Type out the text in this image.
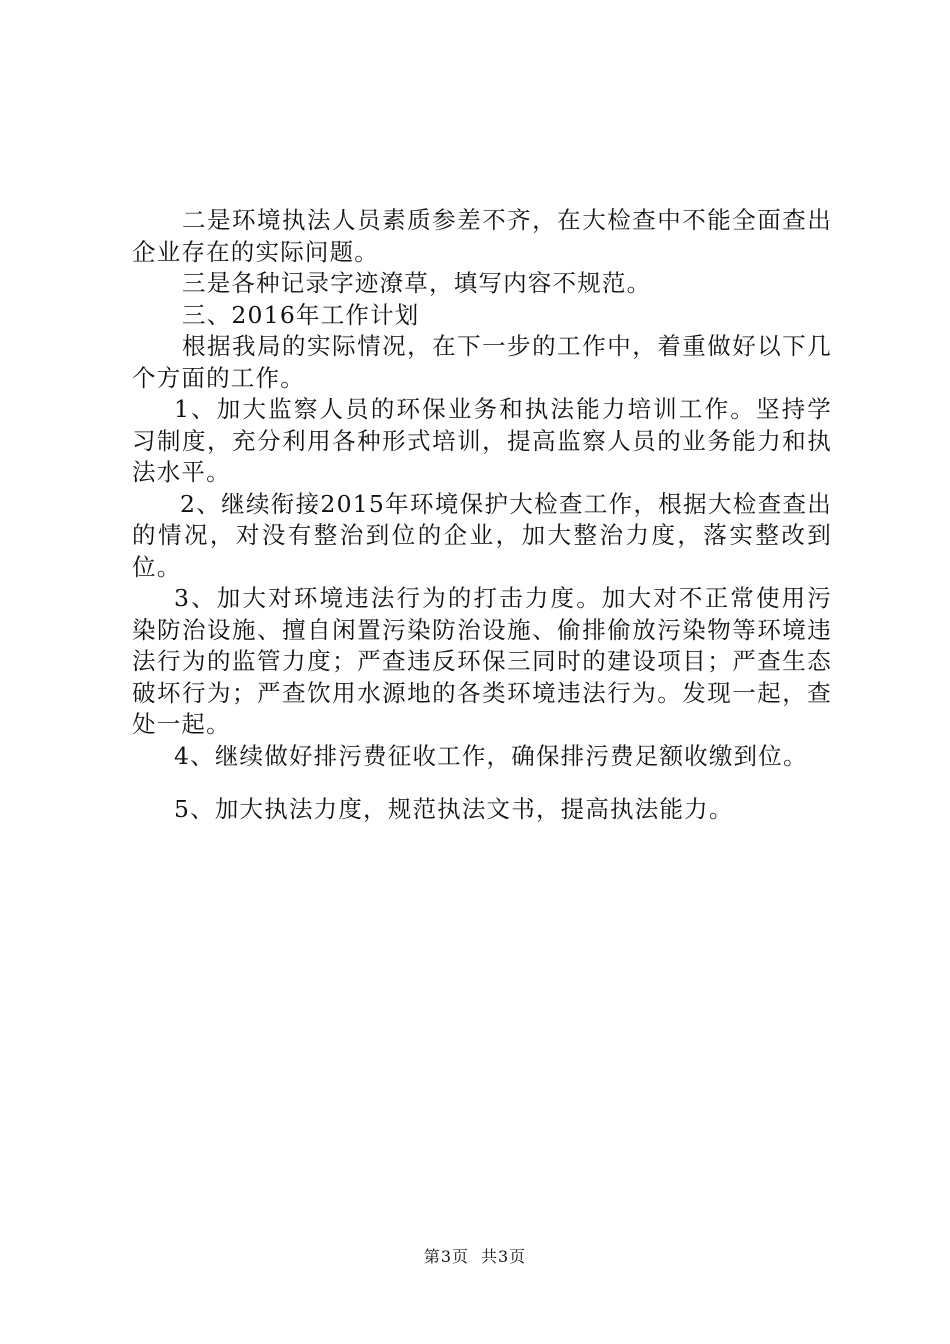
二是环境执法人员素质参差不齐，在大检查中不能全面查出企业存在的实际问题。

三是各种记录字迹潦草，填写内容不规范。

三、2016年工作计划

根据我局的实际情况，在下一步的工作中，着重做好以下几个方面的工作。

1、加大监察人员的环保业务和执法能力培训工作。坚持学习制度，充分利用各种形式培训，提高监察人员的业务能力和执法水平。

2、继续衔接2015年环境保护大检查工作，根据大检查查出的情况，对没有整治到位的企业，加大整治力度，落实整改到位。

3、加大对环境违法行为的打击力度。加大对不正常使用污染防治设施、擅自闲置污染防治设施、偷排偷放污染物等环境违法行为的监管力度；严查违反环保三同时的建设项目；严查生态破坏行为；严查饮用水源地的各类环境违法行为。发现一起，查处一起。

4、继续做好排污费征收工作，确保排污费足额收缴到位。

5、加大执法力度，规范执法文书，提高执法能力。

第3页 共3页
